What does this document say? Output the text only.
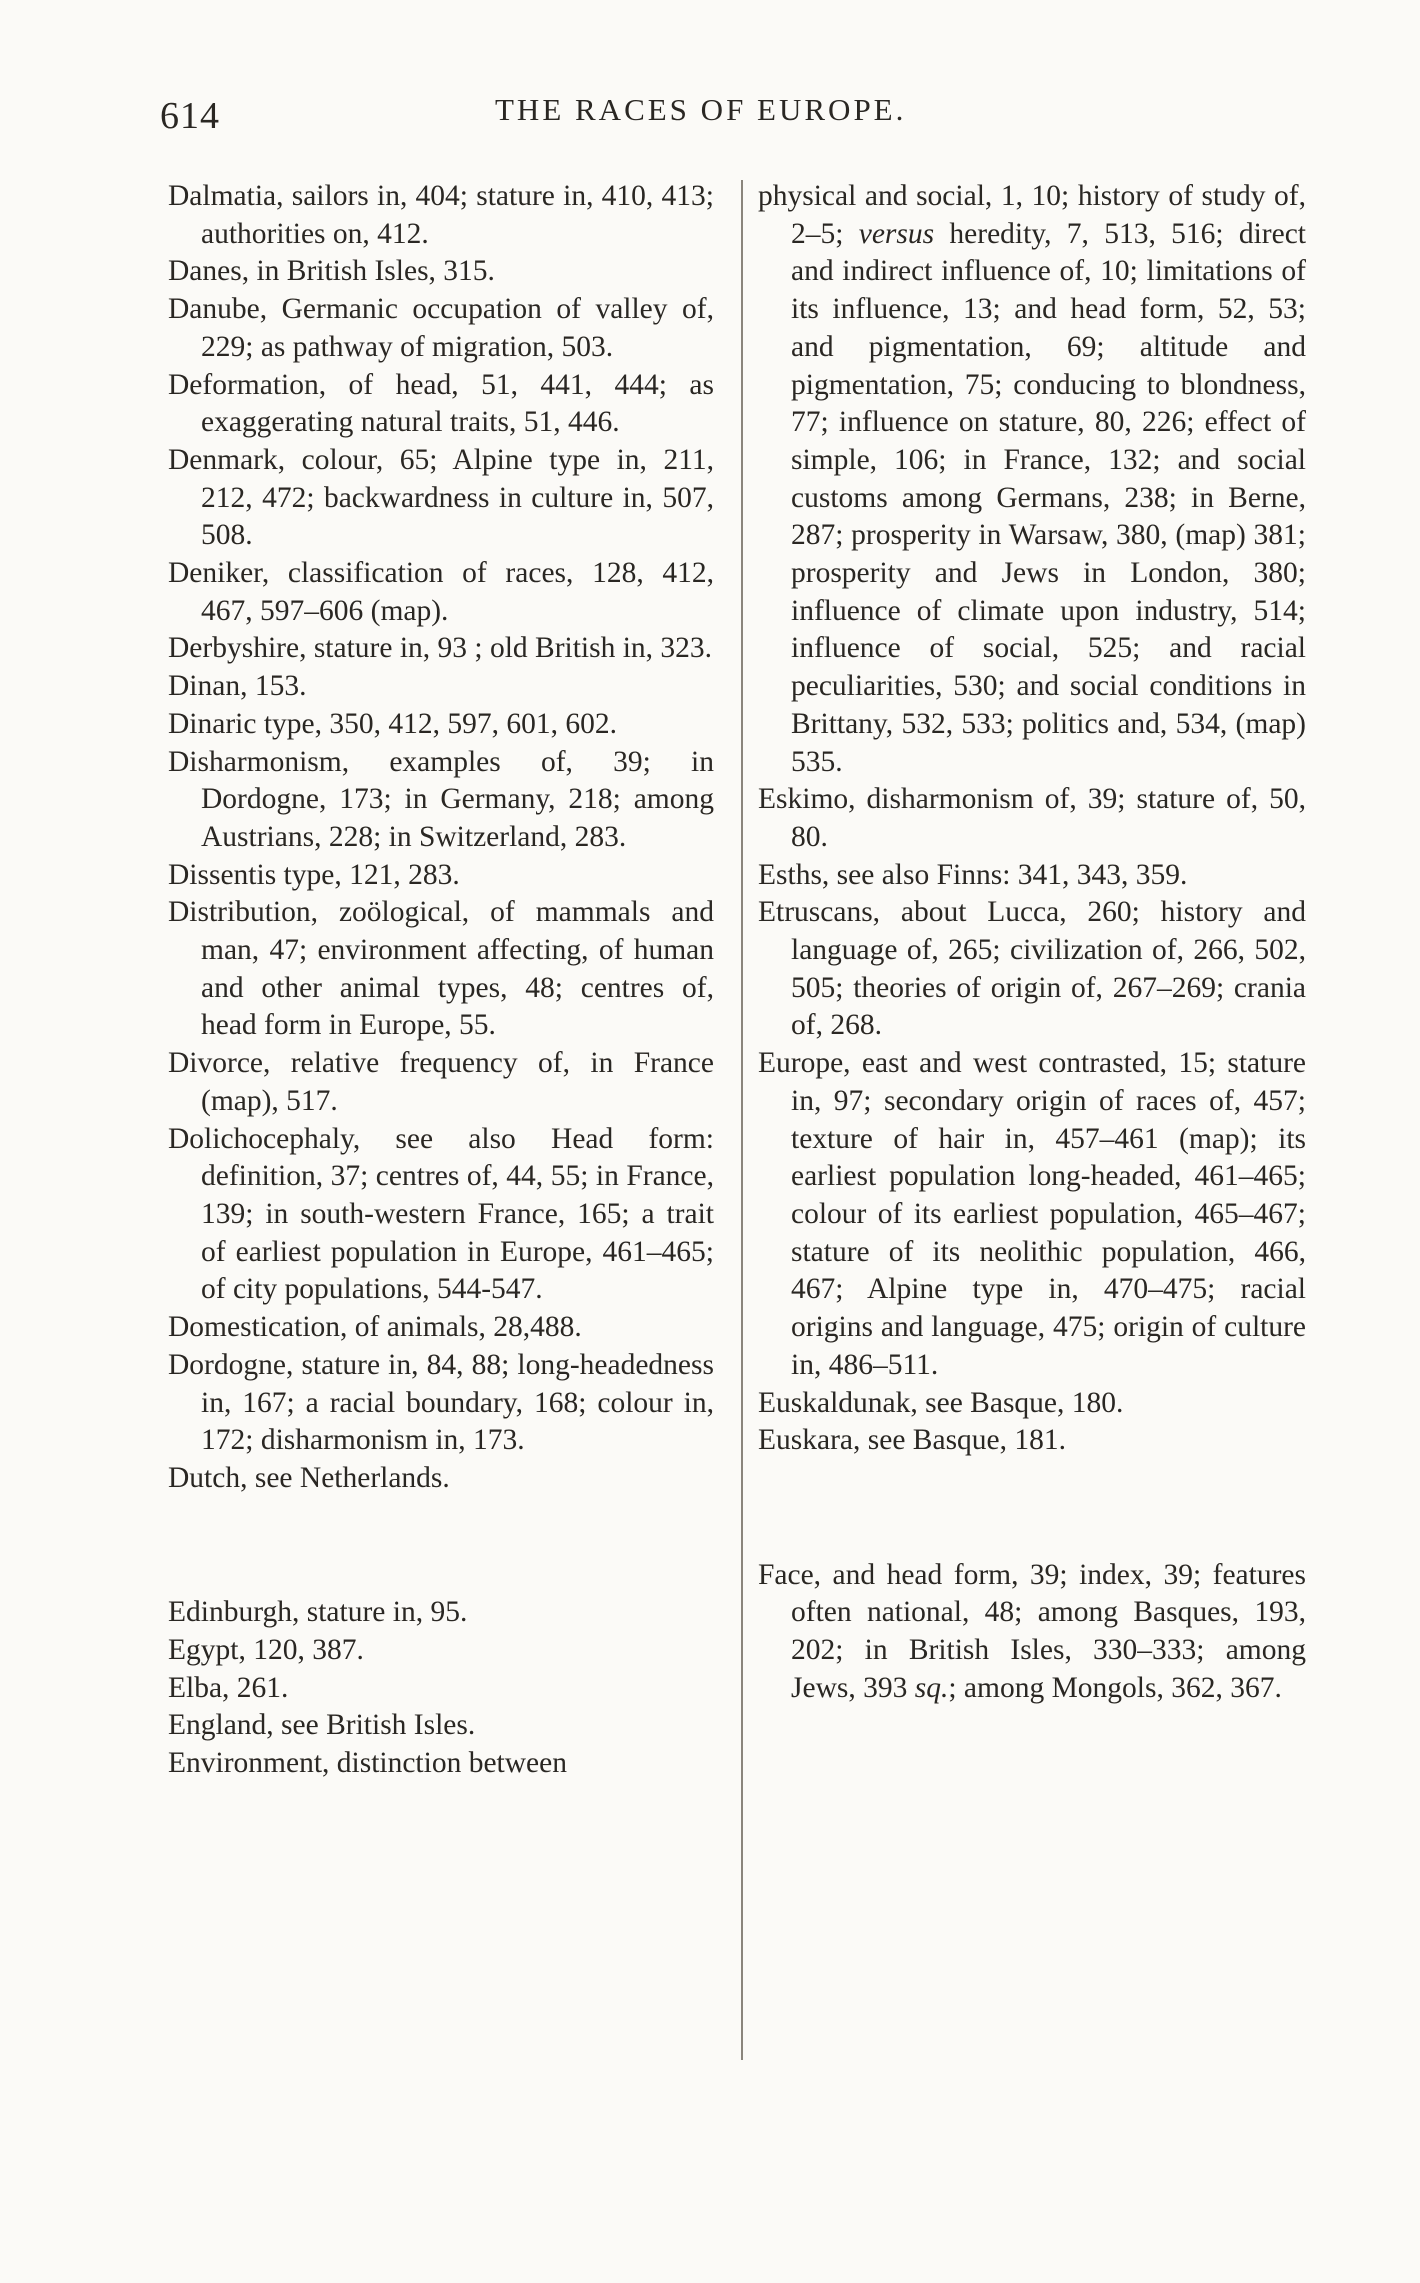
614	THE RACES OF EUROPE.

Dalmatia, sailors in, 404; stature in, 410, 413; authorities on, 412.

Danes, in British Isles, 315.

Danube, Germanic occupation of valley of, 229; as pathway of migration, 503.

Deformation, of head, 51, 441, 444; as exaggerating natural traits, 51, 446.

Denmark, colour, 65; Alpine type in, 211, 212, 472; backwardness in culture in, 507, 508.

Deniker, classification of races, 128, 412, 467, 597–606 (map).

Derbyshire, stature in, 93 ; old British in, 323.

Dinan, 153.

Dinaric type, 350, 412, 597, 601, 602.

Disharmonism, examples of, 39; in Dordogne, 173; in Germany, 218; among Austrians, 228; in Switzerland, 283.

Dissentis type, 121, 283.

Distribution, zoölogical, of mammals and man, 47; environment affecting, of human and other animal types, 48; centres of, head form in Europe, 55.

Divorce, relative frequency of, in France (map), 517.

Dolichocephaly, see also Head form: definition, 37; centres of, 44, 55; in France, 139; in south-western France, 165; a trait of earliest population in Europe, 461–465; of city populations, 544-547.

Domestication, of animals, 28,488.

Dordogne, stature in, 84, 88; long-headedness in, 167; a racial boundary, 168; colour in, 172; disharmonism in, 173.

Dutch, see Netherlands.

Edinburgh, stature in, 95.

Egypt, 120, 387.

Elba, 261.

England, see British Isles.

Environment, distinction between

physical and social, 1, 10; history of study of, 2–5; versus heredity, 7, 513, 516; direct and indirect influence of, 10; limitations of its influence, 13; and head form, 52, 53; and pigmentation, 69; altitude and pigmentation, 75; conducing to blondness, 77; influence on stature, 80, 226; effect of simple, 106; in France, 132; and social customs among Germans, 238; in Berne, 287; prosperity in Warsaw, 380, (map) 381; prosperity and Jews in London, 380; influence of climate upon industry, 514; influence of social, 525; and racial peculiarities, 530; and social conditions in Brittany, 532, 533; politics and, 534, (map) 535.

Eskimo, disharmonism of, 39; stature of, 50, 80.

Esths, see also Finns: 341, 343, 359.

Etruscans, about Lucca, 260; history and language of, 265; civilization of, 266, 502, 505; theories of origin of, 267–269; crania of, 268.

Europe, east and west contrasted, 15; stature in, 97; secondary origin of races of, 457; texture of hair in, 457–461 (map); its earliest population long-headed, 461–465; colour of its earliest population, 465–467; stature of its neolithic population, 466, 467; Alpine type in, 470–475; racial origins and language, 475; origin of culture in, 486–511.

Euskaldunak, see Basque, 180.

Euskara, see Basque, 181.

Face, and head form, 39; index, 39; features often national, 48; among Basques, 193, 202; in British Isles, 330–333; among Jews, 393 sq.; among Mongols, 362, 367.
